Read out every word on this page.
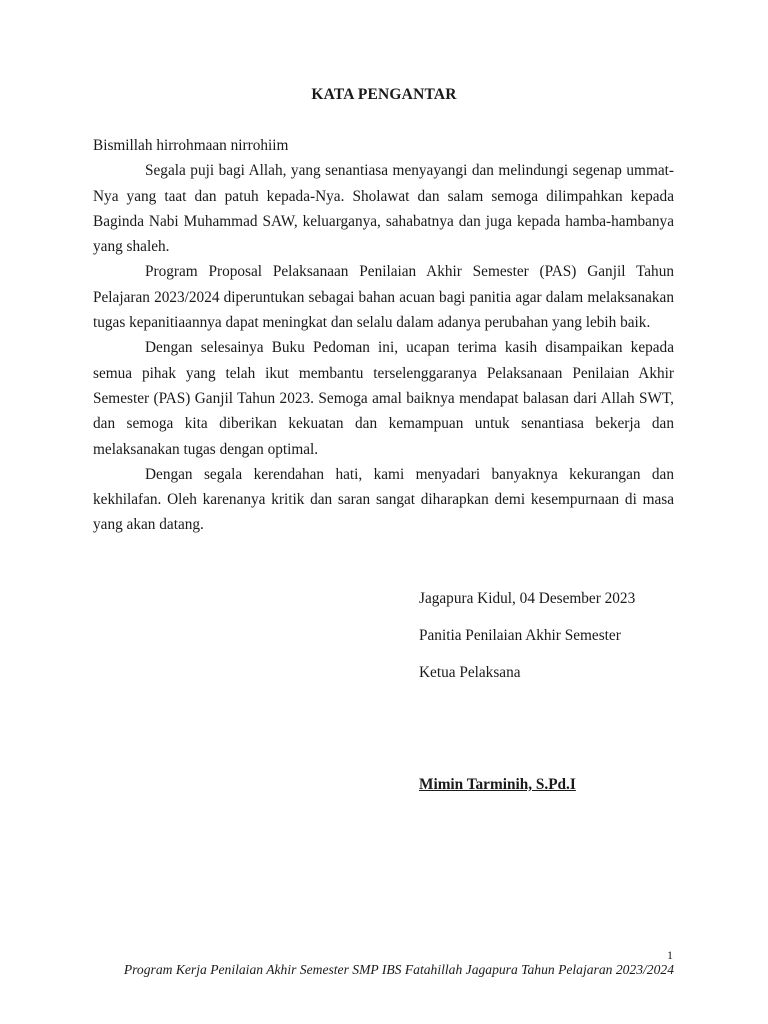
KATA PENGANTAR

Bismillah hirrohmaan nirrohiim

Segala puji bagi Allah, yang senantiasa menyayangi dan melindungi segenap ummat-Nya yang taat dan patuh kepada-Nya. Sholawat dan salam semoga dilimpahkan kepada Baginda Nabi Muhammad SAW, keluarganya, sahabatnya dan juga kepada hamba-hambanya yang shaleh.

Program Proposal Pelaksanaan Penilaian Akhir Semester (PAS) Ganjil Tahun Pelajaran 2023/2024 diperuntukan sebagai bahan acuan bagi panitia agar dalam melaksanakan tugas kepanitiaannya dapat meningkat dan selalu dalam adanya perubahan yang lebih baik.

Dengan selesainya Buku Pedoman ini, ucapan terima kasih disampaikan kepada semua pihak yang telah ikut membantu terselenggaranya Pelaksanaan Penilaian Akhir Semester (PAS) Ganjil Tahun 2023. Semoga amal baiknya mendapat balasan dari Allah SWT, dan semoga kita diberikan kekuatan dan kemampuan untuk senantiasa bekerja dan melaksanakan tugas dengan optimal.

Dengan segala kerendahan hati, kami menyadari banyaknya kekurangan dan kekhilafan. Oleh karenanya kritik dan saran sangat diharapkan demi kesempurnaan di masa yang akan datang.

Jagapura Kidul, 04 Desember 2023
Panitia Penilaian Akhir Semester
Ketua Pelaksana
Mimin Tarminih, S.Pd.I
1
Program Kerja Penilaian Akhir Semester SMP IBS Fatahillah Jagapura Tahun Pelajaran 2023/2024
